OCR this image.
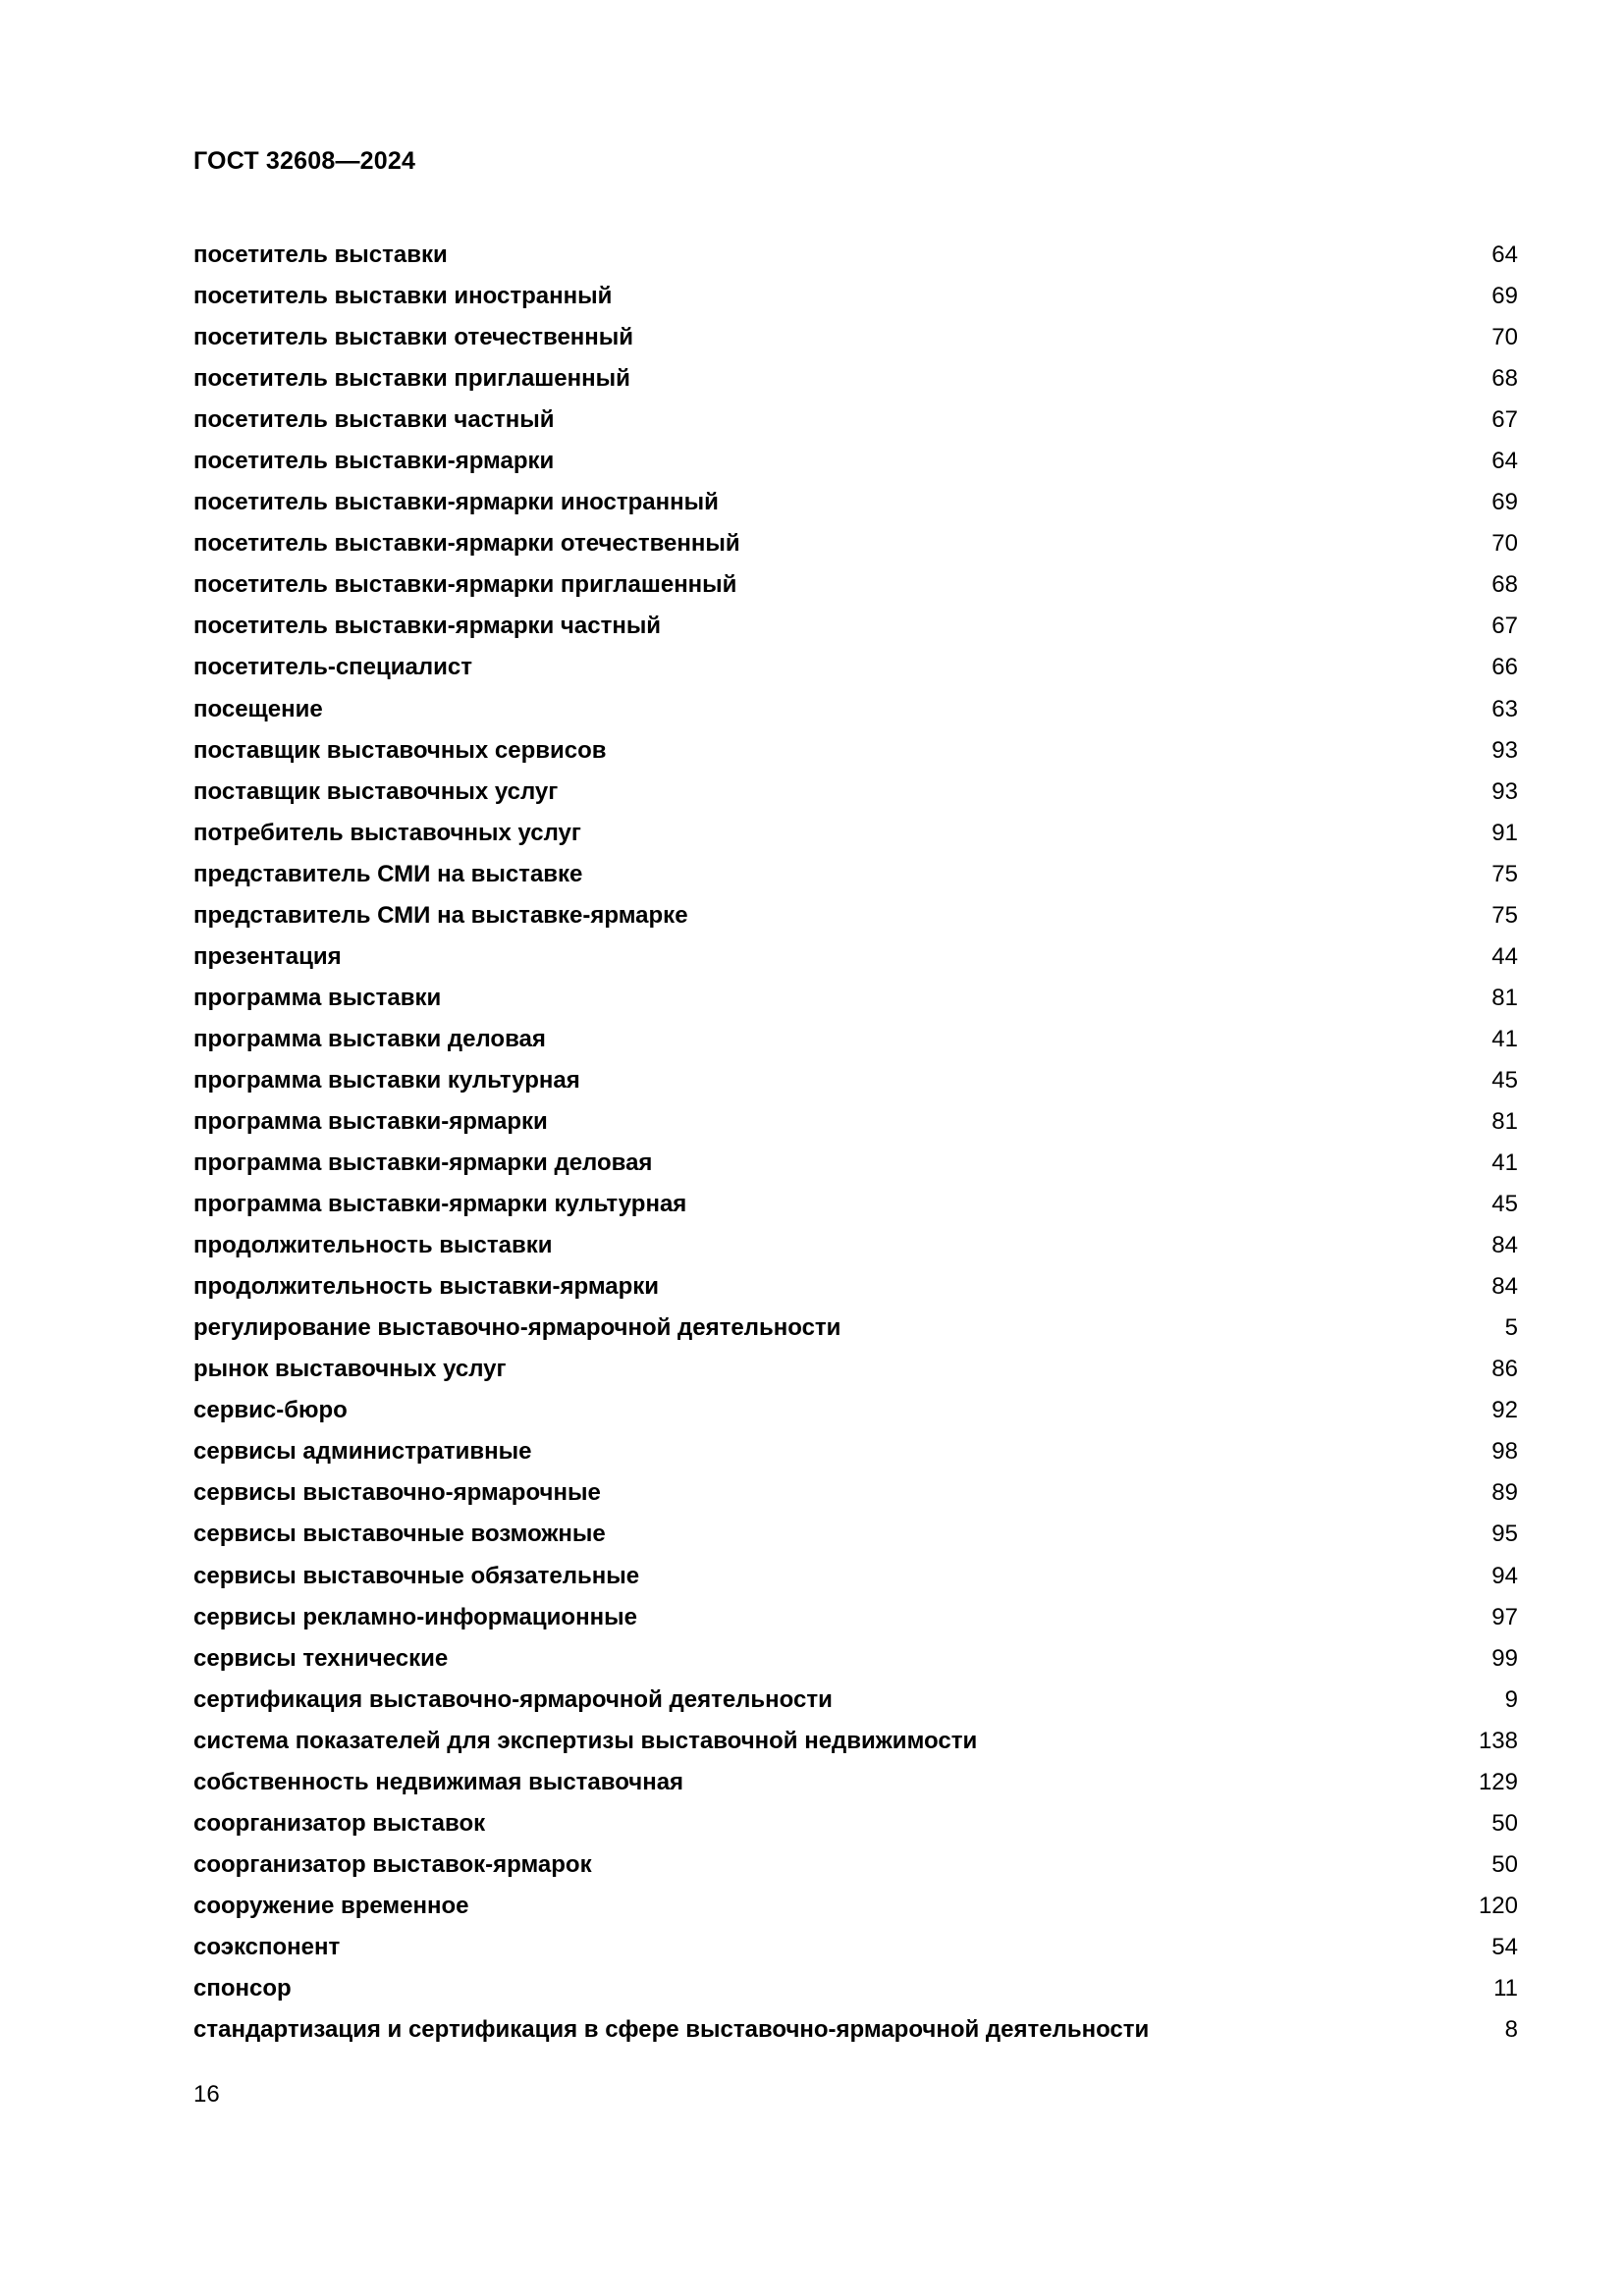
ГОСТ 32608—2024
посетитель выставки	64
посетитель выставки иностранный	69
посетитель выставки отечественный	70
посетитель выставки приглашенный	68
посетитель выставки частный	67
посетитель выставки-ярмарки	64
посетитель выставки-ярмарки иностранный	69
посетитель выставки-ярмарки отечественный	70
посетитель выставки-ярмарки приглашенный	68
посетитель выставки-ярмарки частный	67
посетитель-специалист	66
посещение	63
поставщик выставочных сервисов	93
поставщик выставочных услуг	93
потребитель выставочных услуг	91
представитель СМИ на выставке	75
представитель СМИ на выставке-ярмарке	75
презентация	44
программа выставки	81
программа выставки деловая	41
программа выставки культурная	45
программа выставки-ярмарки	81
программа выставки-ярмарки деловая	41
программа выставки-ярмарки культурная	45
продолжительность выставки	84
продолжительность выставки-ярмарки	84
регулирование выставочно-ярмарочной деятельности	5
рынок выставочных услуг	86
сервис-бюро	92
сервисы административные	98
сервисы выставочно-ярмарочные	89
сервисы выставочные возможные	95
сервисы выставочные обязательные	94
сервисы рекламно-информационные	97
сервисы технические	99
сертификация выставочно-ярмарочной деятельности	9
система показателей для экспертизы выставочной недвижимости	138
собственность недвижимая выставочная	129
соорганизатор выставок	50
соорганизатор выставок-ярмарок	50
сооружение временное	120
соэкспонент	54
спонсор	11
стандартизация и сертификация в сфере выставочно-ярмарочной деятельности	8
16
